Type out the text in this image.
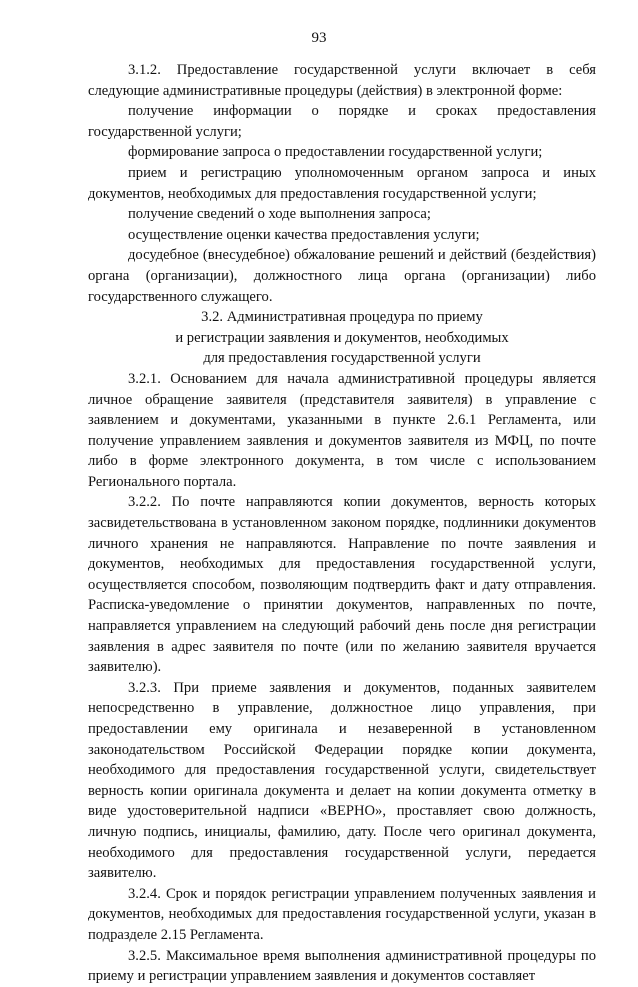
93

3.1.2. Предоставление государственной услуги включает в себя следующие административные процедуры (действия) в электронной форме:

получение информации о порядке и сроках предоставления государственной услуги;

формирование запроса о предоставлении государственной услуги;

прием и регистрацию уполномоченным органом запроса и иных документов, необходимых для предоставления государственной услуги;

получение сведений о ходе выполнения запроса;

осуществление оценки качества предоставления услуги;

досудебное (внесудебное) обжалование решений и действий (бездействия) органа (организации), должностного лица органа (организации) либо государственного служащего.

3.2. Административная процедура по приему
и регистрации заявления и документов, необходимых
для предоставления государственной услуги

3.2.1. Основанием для начала административной процедуры является личное обращение заявителя (представителя заявителя) в управление с заявлением и документами, указанными в пункте 2.6.1 Регламента, или получение управлением заявления и документов заявителя из МФЦ, по почте либо в форме электронного документа, в том числе с использованием Регионального портала.

3.2.2. По почте направляются копии документов, верность которых засвидетельствована в установленном законом порядке, подлинники документов личного хранения не направляются. Направление по почте заявления и документов, необходимых для предоставления государственной услуги, осуществляется способом, позволяющим подтвердить факт и дату отправления. Расписка-уведомление о принятии документов, направленных по почте, направляется управлением на следующий рабочий день после дня регистрации заявления в адрес заявителя по почте (или по желанию заявителя вручается заявителю).

3.2.3. При приеме заявления и документов, поданных заявителем непосредственно в управление, должностное лицо управления, при предоставлении ему оригинала и незаверенной в установленном законодательством Российской Федерации порядке копии документа, необходимого для предоставления государственной услуги, свидетельствует верность копии оригинала документа и делает на копии документа отметку в виде удостоверительной надписи «ВЕРНО», проставляет свою должность, личную подпись, инициалы, фамилию, дату. После чего оригинал документа, необходимого для предоставления государственной услуги, передается заявителю.

3.2.4. Срок и порядок регистрации управлением полученных заявления и документов, необходимых для предоставления государственной услуги, указан в подразделе 2.15 Регламента.

3.2.5. Максимальное время выполнения административной процедуры по приему и регистрации управлением заявления и документов составляет
